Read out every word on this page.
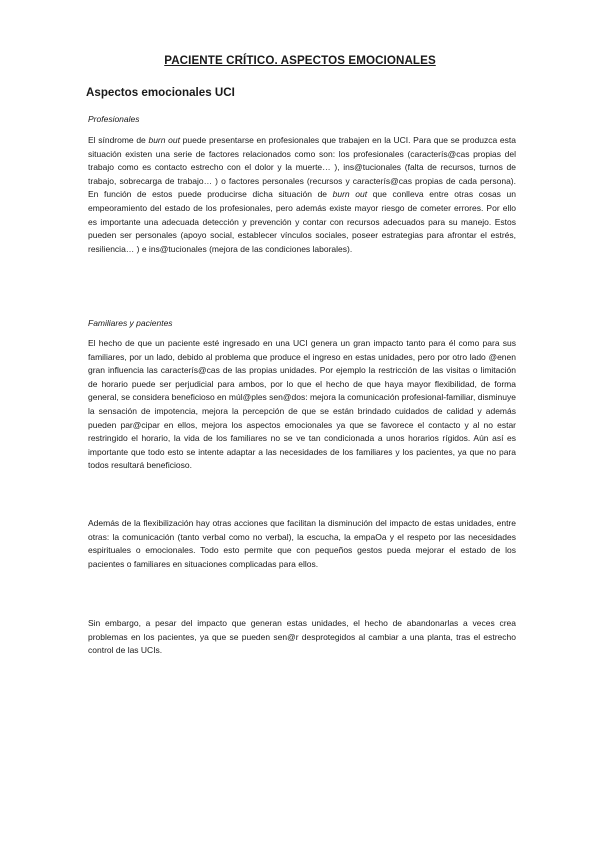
PACIENTE CRÍTICO. ASPECTOS EMOCIONALES
Aspectos emocionales UCI
Profesionales

El síndrome de burn out puede presentarse en profesionales que trabajen en la UCI. Para que se produzca esta situación existen una serie de factores relacionados como son: los profesionales (caracterís@cas propias del trabajo como es contacto estrecho con el dolor y la muerte… ), ins@tucionales (falta de recursos, turnos de trabajo, sobrecarga de trabajo… ) o factores personales (recursos y caracterís@cas propias de cada persona). En función de estos puede producirse dicha situación de burn out que conlleva entre otras cosas un empeoramiento del estado de los profesionales, pero además existe mayor riesgo de cometer errores. Por ello es importante una adecuada detección y prevención y contar con recursos adecuados para su manejo. Estos pueden ser personales (apoyo social, establecer vínculos sociales, poseer estrategias para afrontar el estrés, resiliencia… ) e ins@tucionales (mejora de las condiciones laborales).

Familiares y pacientes

El hecho de que un paciente esté ingresado en una UCI genera un gran impacto tanto para él como para sus familiares, por un lado, debido al problema que produce el ingreso en estas unidades, pero por otro lado @enen gran influencia las caracterís@cas de las propias unidades. Por ejemplo la restricción de las visitas o limitación de horario puede ser perjudicial para ambos, por lo que el hecho de que haya mayor flexibilidad, de forma general, se considera beneficioso en múl@ples sen@dos: mejora la comunicación profesional-familiar, disminuye la sensación de impotencia, mejora la percepción de que se están brindado cuidados de calidad y además pueden par@cipar en ellos, mejora los aspectos emocionales ya que se favorece el contacto y al no estar restringido el horario, la vida de los familiares no se ve tan condicionada a unos horarios rígidos. Aún así es importante que todo esto se intente adaptar a las necesidades de los familiares y los pacientes, ya que no para todos resultará beneficioso.

Además de la flexibilización hay otras acciones que facilitan la disminución del impacto de estas unidades, entre otras: la comunicación (tanto verbal como no verbal), la escucha, la empaOa y el respeto por las necesidades espirituales o emocionales. Todo esto permite que con pequeños gestos pueda mejorar el estado de los pacientes o familiares en situaciones complicadas para ellos.

Sin embargo, a pesar del impacto que generan estas unidades, el hecho de abandonarlas a veces crea problemas en los pacientes, ya que se pueden sen@r desprotegidos al cambiar a una planta, tras el estrecho control de las UCIs.
